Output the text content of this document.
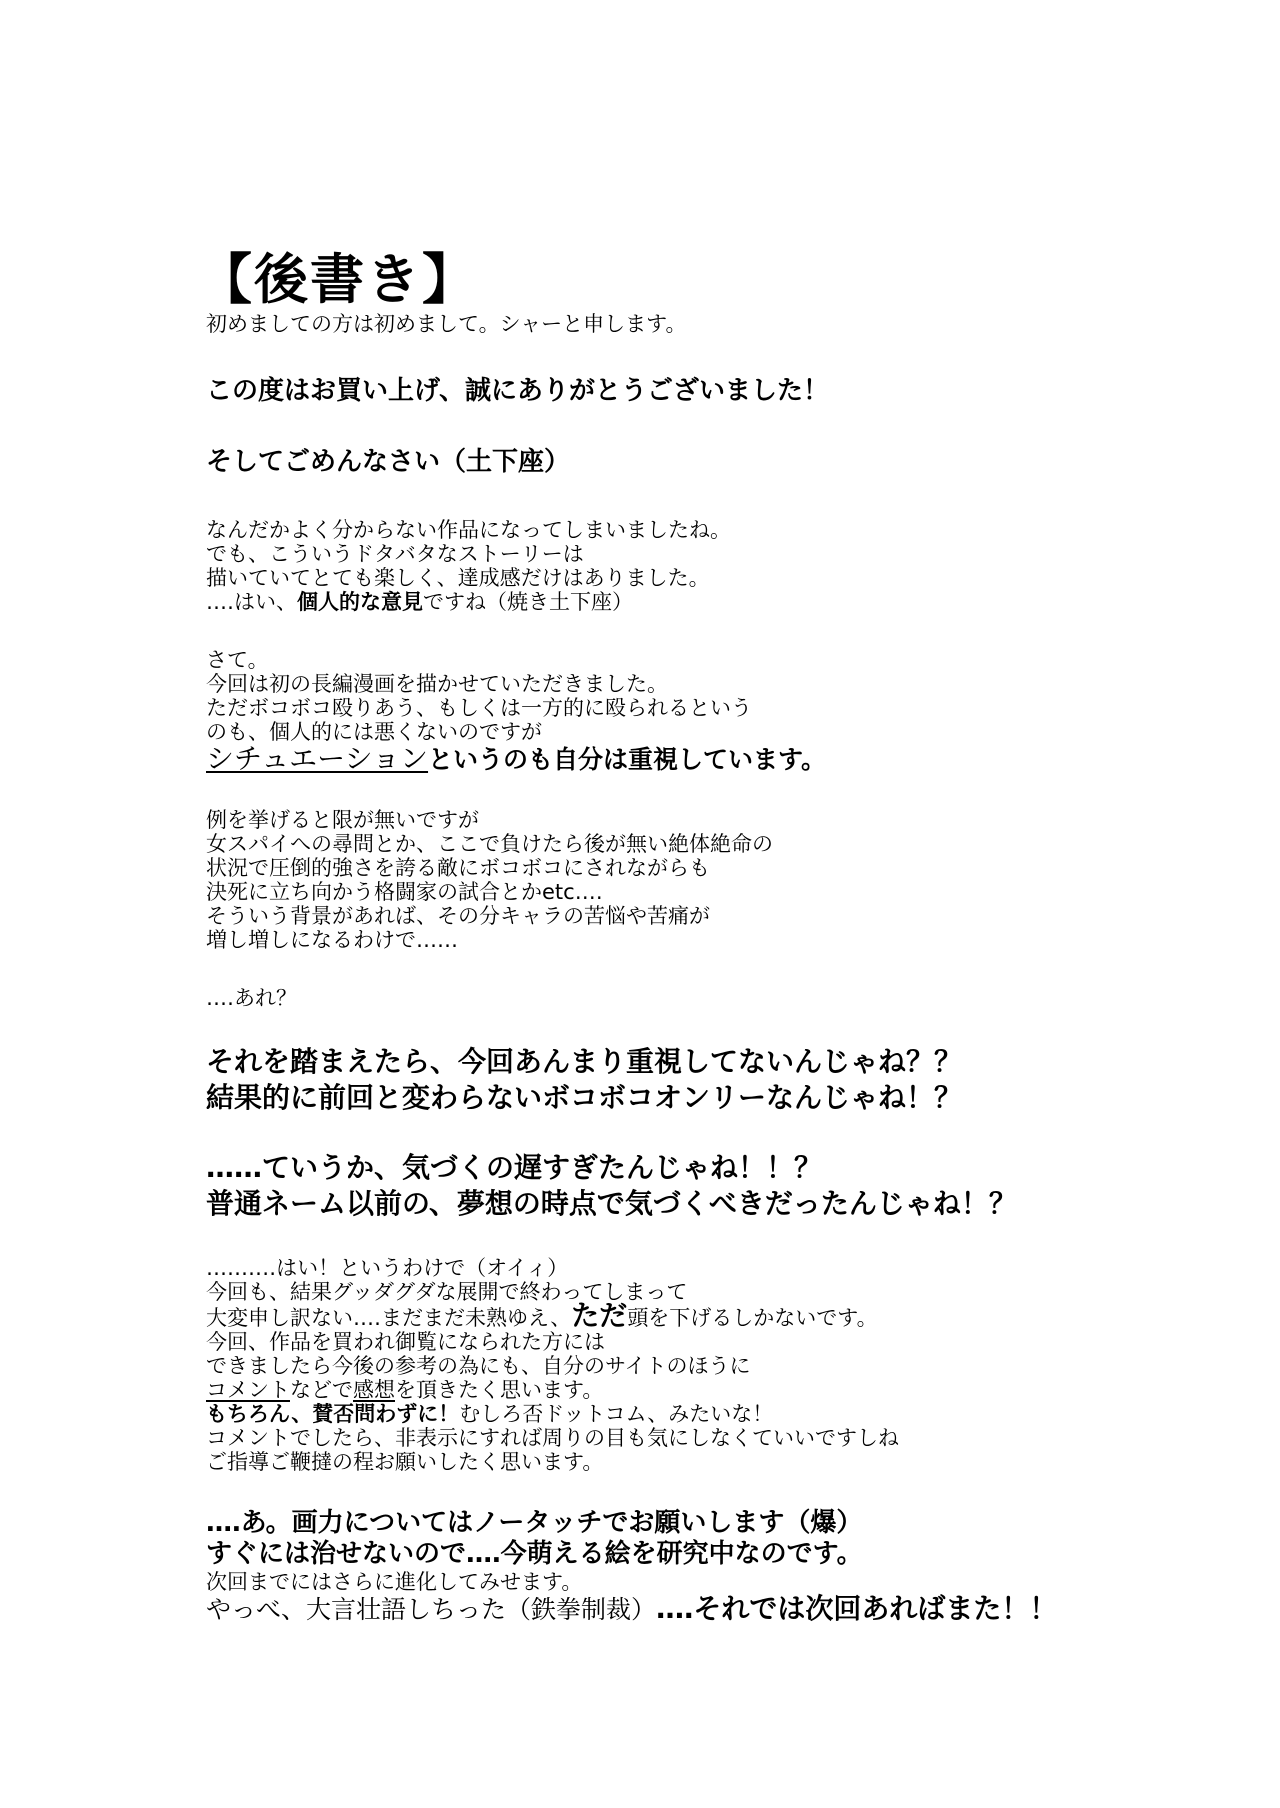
【後書き】
初めましての方は初めまして。シャーと申します。
この度はお買い上げ、誠にありがとうございました！
そしてごめんなさい（土下座）
なんだかよく分からない作品になってしまいましたね。
でも、こういうドタバタなストーリーは
描いていてとても楽しく、達成感だけはありました。
‥‥はい、個人的な意見ですね（焼き土下座）
さて。
今回は初の長編漫画を描かせていただきました。
ただボコボコ殴りあう、もしくは一方的に殴られるという
のも、個人的には悪くないのですが
シチュエーションというのも自分は重視しています。
例を挙げると限が無いですが
女スパイへの尋問とか、ここで負けたら後が無い絶体絶命の
状況で圧倒的強さを誇る敵にボコボコにされながらも
決死に立ち向かう格闘家の試合とかetc‥‥
そういう背景があれば、その分キャラの苦悩や苦痛が
増し増しになるわけで‥‥‥
‥‥あれ？
それを踏まえたら、今回あんまり重視してないんじゃね？？
結果的に前回と変わらないボコボコオンリーなんじゃね！？
‥‥‥ていうか、気づくの遅すぎたんじゃね！！？
普通ネーム以前の、夢想の時点で気づくべきだったんじゃね！？
‥‥‥‥‥はい！というわけで（オイィ）
今回も、結果グッダグダな展開で終わってしまって
大変申し訳ない‥‥まだまだ未熟ゆえ、ただ頭を下げるしかないです。
今回、作品を買われ御覧になられた方には
できましたら今後の参考の為にも、自分のサイトのほうに
コメントなどで感想を頂きたく思います。
もちろん、賛否問わずに！むしろ否ドットコム、みたいな！
コメントでしたら、非表示にすれば周りの目も気にしなくていいですしね
ご指導ご鞭撻の程お願いしたく思います。
‥‥あ。画力についてはノータッチでお願いします（爆）
すぐには治せないので‥‥今萌える絵を研究中なのです。
次回までにはさらに進化してみせます。
やっべ、大言壮語しちった（鉄拳制裁）‥‥それでは次回あればまた！！
